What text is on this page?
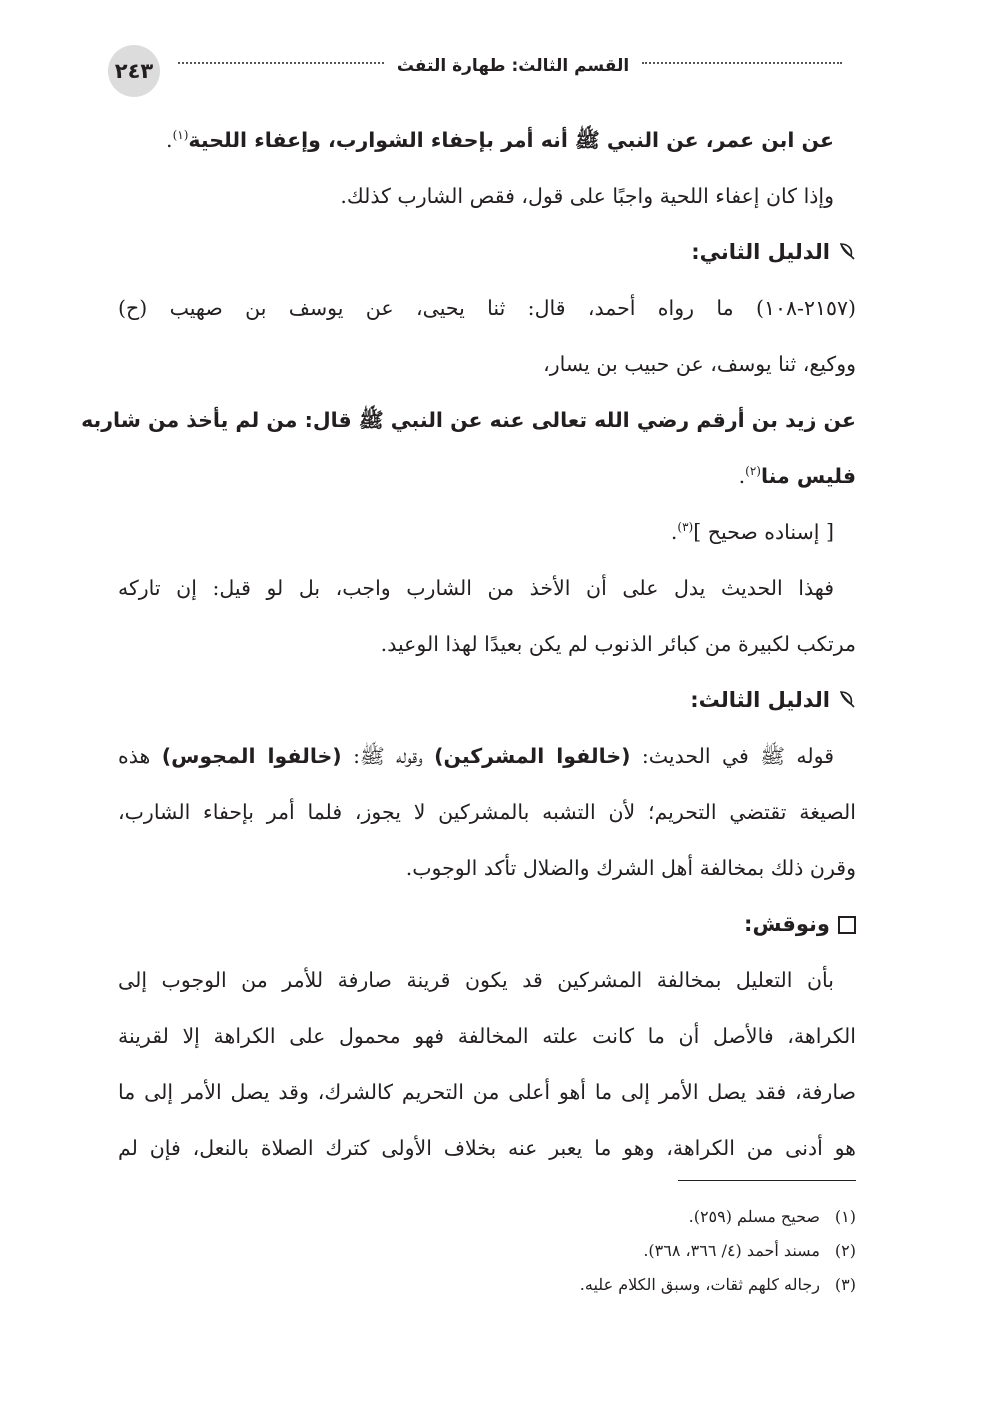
٢٤٣	القسم الثالث: طهارة التفث
عن ابن عمر، عن النبي ﷺ أنه أمر بإحفاء الشوارب، وإعفاء اللحية$^{(١)}$.
وإذا كان إعفاء اللحية واجبًا على قول، فقص الشارب كذلك.
الدليل الثاني:
(٢١٥٧-١٠٨) ما رواه أحمد، قال: ثنا يحيى، عن يوسف بن صهيب (ح)
ووكيع، ثنا يوسف، عن حبيب بن يسار،
عن زيد بن أرقم رضي الله تعالى عنه عن النبي ﷺ قال: من لم يأخذ من شاربه
فليس منا$^{(٢)}$.
[ إسناده صحيح ]$^{(٣)}$.
فهذا الحديث يدل على أن الأخذ من الشارب واجب، بل لو قيل: إن تاركه
مرتكب لكبيرة من كبائر الذنوب لم يكن بعيدًا لهذا الوعيد.
الدليل الثالث:
قوله ﷺ في الحديث: (خالفوا المشركين) وقوله ﷺ: (خالفوا المجوس) هذه
الصيغة تقتضي التحريم؛ لأن التشبه بالمشركين لا يجوز، فلما أمر بإحفاء الشارب،
وقرن ذلك بمخالفة أهل الشرك والضلال تأكد الوجوب.
ونوقش:
بأن التعليل بمخالفة المشركين قد يكون قرينة صارفة للأمر من الوجوب إلى
الكراهة، فالأصل أن ما كانت علته المخالفة فهو محمول على الكراهة إلا لقرينة
صارفة، فقد يصل الأمر إلى ما أهو أعلى من التحريم كالشرك، وقد يصل الأمر إلى ما
هو أدنى من الكراهة، وهو ما يعبر عنه بخلاف الأولى كترك الصلاة بالنعل، فإن لم
(١)صحيح مسلم (٢٥٩).
(٢)مسند أحمد (٤/ ٣٦٦، ٣٦٨).
(٣)رجاله كلهم ثقات، وسبق الكلام عليه.
